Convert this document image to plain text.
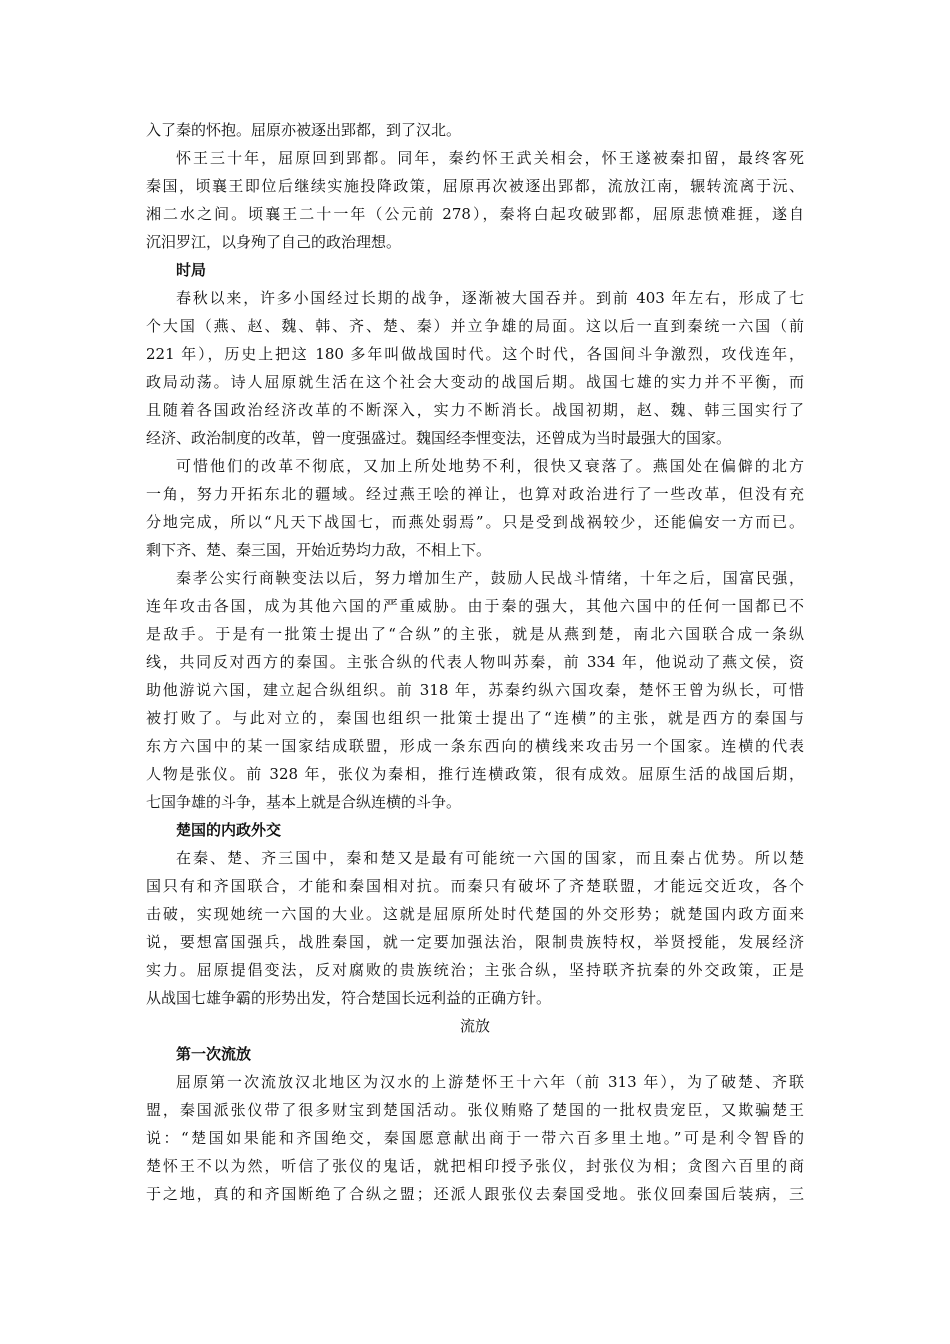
入了秦的怀抱。屈原亦被逐出郢都，到了汉北。
怀王三十年，屈原回到郢都。同年，秦约怀王武关相会，怀王遂被秦扣留，最终客死
秦国，顷襄王即位后继续实施投降政策，屈原再次被逐出郢都，流放江南，辗转流离于沅、
湘二水之间。顷襄王二十一年（公元前 278），秦将白起攻破郢都，屈原悲愤难捱，遂自
沉汨罗江，以身殉了自己的政治理想。
时局
春秋以来，许多小国经过长期的战争，逐渐被大国吞并。到前 403 年左右，形成了七
个大国（燕、赵、魏、韩、齐、楚、秦）并立争雄的局面。这以后一直到秦统一六国（前
221 年），历史上把这 180 多年叫做战国时代。这个时代，各国间斗争激烈，攻伐连年，
政局动荡。诗人屈原就生活在这个社会大变动的战国后期。战国七雄的实力并不平衡，而
且随着各国政治经济改革的不断深入，实力不断消长。战国初期，赵、魏、韩三国实行了
经济、政治制度的改革，曾一度强盛过。魏国经李悝变法，还曾成为当时最强大的国家。
可惜他们的改革不彻底，又加上所处地势不利，很快又衰落了。燕国处在偏僻的北方
一角，努力开拓东北的疆域。经过燕王哙的禅让，也算对政治进行了一些改革，但没有充
分地完成，所以“凡天下战国七，而燕处弱焉”。只是受到战祸较少，还能偏安一方而已。
剩下齐、楚、秦三国，开始近势均力敌，不相上下。
秦孝公实行商鞅变法以后，努力增加生产，鼓励人民战斗情绪，十年之后，国富民强，
连年攻击各国，成为其他六国的严重威胁。由于秦的强大，其他六国中的任何一国都已不
是敌手。于是有一批策士提出了“合纵”的主张，就是从燕到楚，南北六国联合成一条纵
线，共同反对西方的秦国。主张合纵的代表人物叫苏秦，前 334 年，他说动了燕文侯，资
助他游说六国，建立起合纵组织。前 318 年，苏秦约纵六国攻秦，楚怀王曾为纵长，可惜
被打败了。与此对立的，秦国也组织一批策士提出了“连横”的主张，就是西方的秦国与
东方六国中的某一国家结成联盟，形成一条东西向的横线来攻击另一个国家。连横的代表
人物是张仪。前 328 年，张仪为秦相，推行连横政策，很有成效。屈原生活的战国后期，
七国争雄的斗争，基本上就是合纵连横的斗争。
楚国的内政外交
在秦、楚、齐三国中，秦和楚又是最有可能统一六国的国家，而且秦占优势。所以楚
国只有和齐国联合，才能和秦国相对抗。而秦只有破坏了齐楚联盟，才能远交近攻，各个
击破，实现她统一六国的大业。这就是屈原所处时代楚国的外交形势；就楚国内政方面来
说，要想富国强兵，战胜秦国，就一定要加强法治，限制贵族特权，举贤授能，发展经济
实力。屈原提倡变法，反对腐败的贵族统治；主张合纵，坚持联齐抗秦的外交政策，正是
从战国七雄争霸的形势出发，符合楚国长远利益的正确方针。
流放
第一次流放
屈原第一次流放汉北地区为汉水的上游楚怀王十六年（前 313 年），为了破楚、齐联
盟，秦国派张仪带了很多财宝到楚国活动。张仪贿赂了楚国的一批权贵宠臣，又欺骗楚王
说：“楚国如果能和齐国绝交，秦国愿意献出商于一带六百多里土地。”可是利令智昏的
楚怀王不以为然，听信了张仪的鬼话，就把相印授予张仪，封张仪为相；贪图六百里的商
于之地，真的和齐国断绝了合纵之盟；还派人跟张仪去秦国受地。张仪回秦国后装病，三
